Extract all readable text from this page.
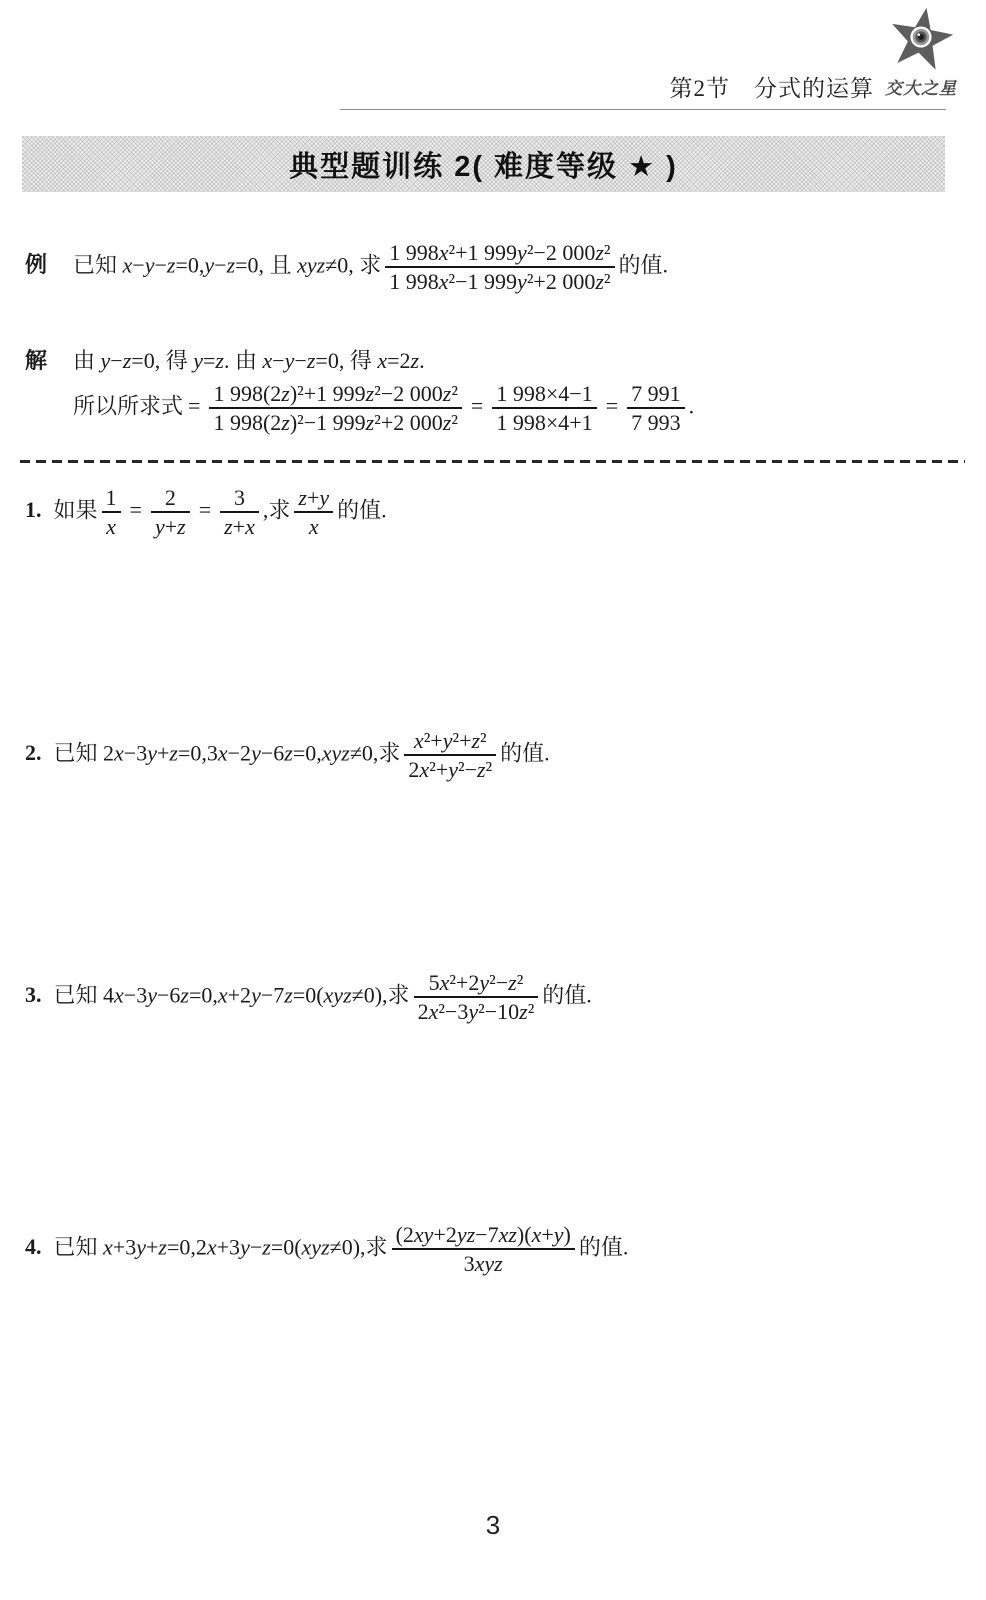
第2节　分式的运算 交大之星
典型题训练 2( 难度等级 ★ )
例 已知 x−y−z=0,y−z=0, 且 xyz≠0, 求 $\frac{\text{1 998x²+1 999y²−2 000z²}}{\text{1 998x²−1 999y²+2 000z²}}$ 的值.
解 由 y−z=0, 得 y=z. 由 x−y−z=0, 得 x=2z.
所以所求式 = $\frac{\text{1 998(2z)²+1 999z²−2 000z²}}{\text{1 998(2z)²−1 999z²+2 000z²}} = \frac{1 998\times 4-1}{1 998\times 4+1} = \frac{7 991}{7 993}$ .
1. 如果 $\frac{1}{x} = \frac{2}{y+z} = \frac{3}{z+x}$ ,求 $\frac{z+y}{x}$ 的值.
2. 已知 2x−3y+z=0,3x−2y−6z=0,xyz≠0,求 $\frac{\text{x²+y²+z²}}{\text{2x²+y²−z²}}$ 的值.
3. 已知 4x−3y−6z=0,x+2y−7z=0(xyz≠0),求 $\frac{\text{5x²+2y²−z²}}{\text{2x²−3y²−10z²}}$ 的值.
4. 已知 x+3y+z=0,2x+3y−z=0(xyz≠0),求 $\frac{(2xy+2yz-7xz)(x+y)}{\text{3xyz}}$ 的值.
3
